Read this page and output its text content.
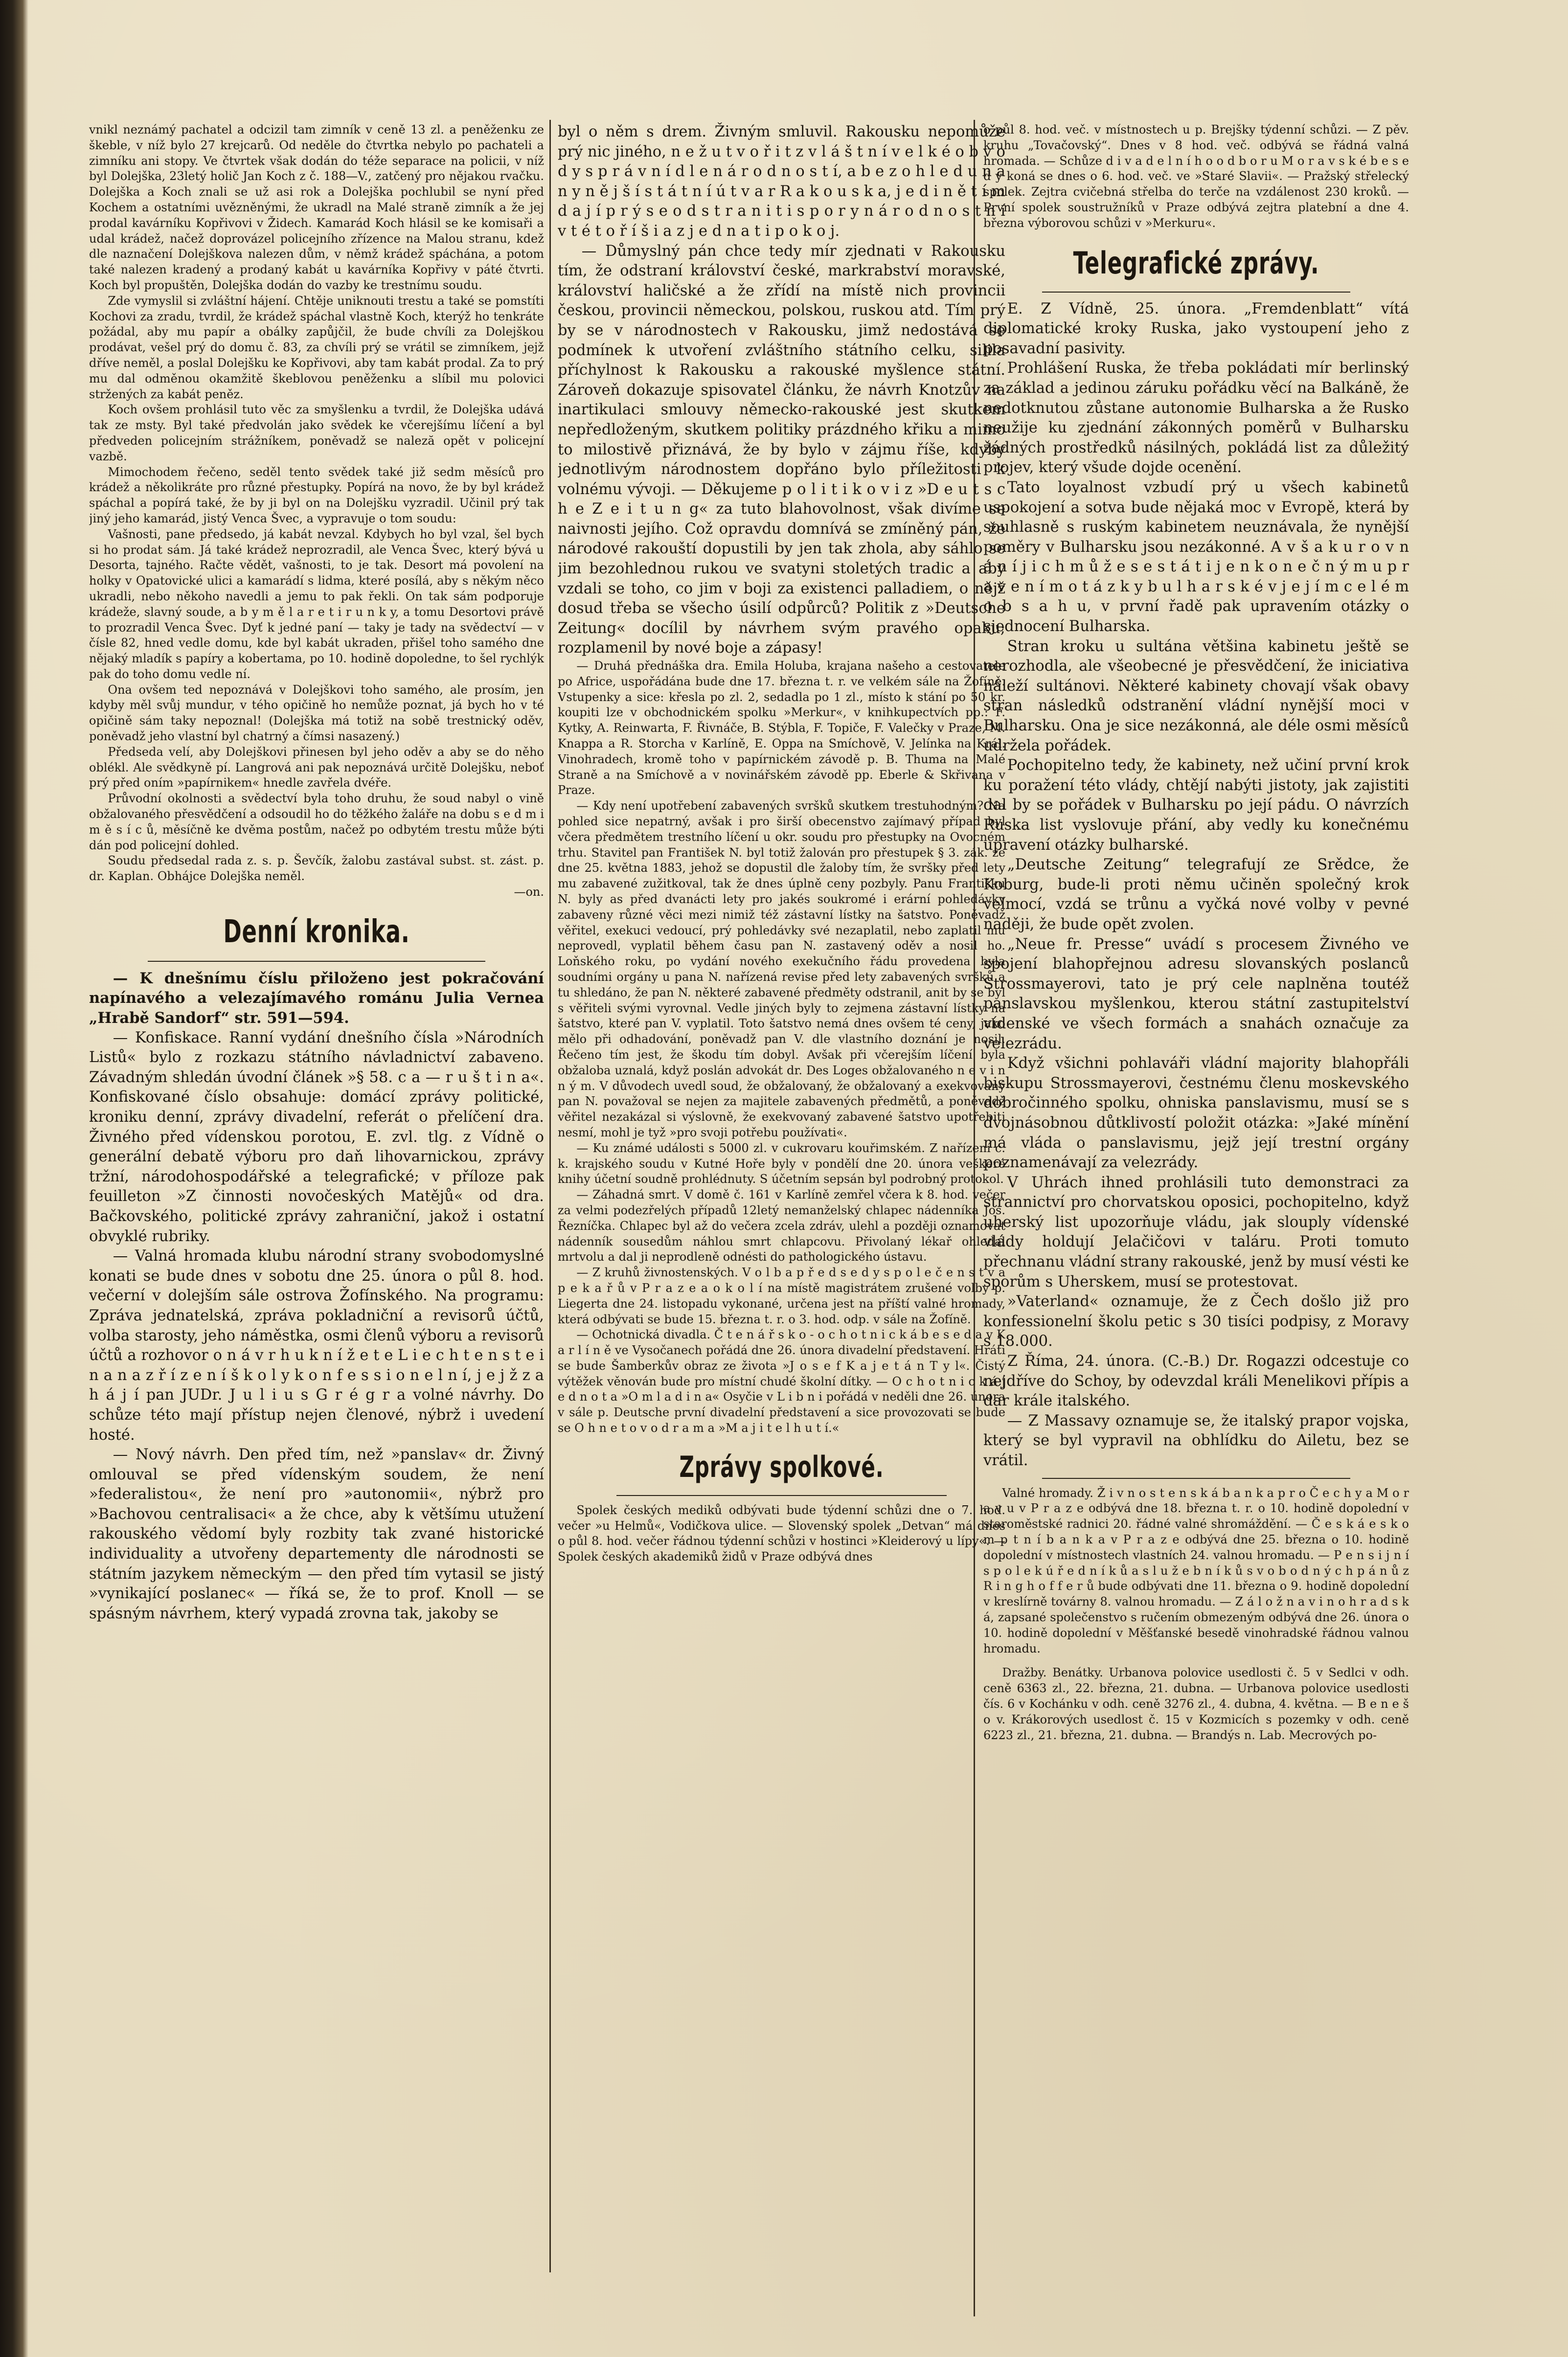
vnikl neznámý pachatel a odcizil tam zimník v ceně 13 zl. a peněženku ze škeble, v níž bylo 27 krejcarů. Od neděle do čtvrtka nebylo po pachateli a zimníku ani stopy. Ve čtvrtek však dodán do téže separace na policii, v níž byl Dolejška, 23letý holič Jan Koch z č. 188—V., zatčený pro nějakou rvačku. Dolejška a Koch znali se už asi rok a Dolejška pochlubil se nyní před Kochem a ostatními uvězněnými, že ukradl na Malé straně zimník a že jej prodal kavárníku Kopřivovi v Židech. Kamarád Koch hlásil se ke komisaři a udal krádež, načež doprovázel policejního zřízence na Malou stranu, kdež dle naznačení Dolejškova nalezen dům, v němž krádež spáchána, a potom také nalezen kradený a prodaný kabát u kavárníka Kopřivy v páté čtvrti. Koch byl propuštěn, Dolejška dodán do vazby ke trestnímu soudu.

Zde vymyslil si zvláštní hájení. Chtěje uniknouti trestu a také se pomstíti Kochovi za zradu, tvrdil, že krádež spáchal vlastně Koch, kterýž ho tenkráte požádal, aby mu papír a obálky zapůjčil, že bude chvíli za Dolejškou prodávat, vešel prý do domu č. 83, za chvíli prý se vrátil se zimníkem, jejž dříve neměl, a poslal Dolejšku ke Kopřivovi, aby tam kabát prodal. Za to prý mu dal odměnou okamžitě škeblovou peněženku a slíbil mu polovici stržených za kabát peněz.

Koch ovšem prohlásil tuto věc za smyšlenku a tvrdil, že Dolejška udává tak ze msty. Byl také předvolán jako svědek ke včerejšímu líčení a byl předveden policejním strážníkem, poněvadž se naleză opět v policejní vazbě.

Mimochodem řečeno, seděl tento svědek také již sedm měsíců pro krádež a několikráte pro různé přestupky. Popírá na novo, že by byl krádež spáchal a popírá také, že by ji byl on na Dolejšku vyzradil. Učinil prý tak jiný jeho kamarád, jistý Venca Švec, a vypravuje o tom soudu:

Vašnosti, pane předsedo, já kabát nevzal. Kdybych ho byl vzal, šel bych si ho prodat sám. Já také krádež neprozradil, ale Venca Švec, který bývá u Desorta, tajného. Račte vědět, vašnosti, to je tak. Desort má povolení na holky v Opatovické ulici a kamarádí s lidma, které posílá, aby s někým něco ukradli, nebo někoho navedli a jemu to pak řekli. On tak sám podporuje krádeže, slavný soude, a b y m ě l a r e t i r u n k y, a tomu Desortovi právě to prozradil Venca Švec. Dyť k jedné paní — taky je tady na svědectví — v čísle 82, hned vedle domu, kde byl kabát ukraden, přišel toho samého dne nějaký mladík s papíry a kobertama, po 10. hodině dopoledne, to šel rychlýk pak do toho domu vedle ní.

Ona ovšem ted nepoznává v Dolejškovi toho samého, ale prosím, jen kdyby měl svůj mundur, v tého opičině ho nemůže poznat, já bych ho v té opičině sám taky nepoznal! (Dolejška má totiž na sobě trestnický oděv, poněvadž jeho vlastní byl chatrný a čímsi nasazený.)

Předseda velí, aby Dolejškovi přinesen byl jeho oděv a aby se do něho oblékl. Ale svědkyně pí. Langrová ani pak nepoznává určitě Dolejšku, neboť prý před oním »papírnikem« hnedle zavřela dvéře.

Průvodní okolnosti a svědectví byla toho druhu, že soud nabyl o vině obžalovaného přesvědčení a odsoudil ho do těžkého žaláře na dobu s e d m i m ě s í c ů, měsíčně ke dvěma postům, načež po odbytém trestu může býti dán pod policejní dohled.

Soudu předsedal rada z. s. p. Ševčík, žalobu zastával subst. st. zást. p. dr. Kaplan. Obhájce Dolejška neměl.

—on.

Denní kronika.

— K dnešnímu číslu přiloženo jest pokračování napínavého a velezajímavého románu Julia Vernea „Hrabě Sandorf“ str. 591—594.

— Konfiskace. Ranní vydání dnešního čísla »Národních Listů« bylo z rozkazu státního návladnictví zabaveno. Závadným shledán úvodní článek »§ 58. c a — r u š t i n a«. Konfiskované číslo obsahuje: domácí zprávy politické, kroniku denní, zprávy divadelní, referát o přelíčení dra. Živného před vídenskou porotou, E. zvl. tlg. z Vídně o generální debatě výboru pro daň lihovarnickou, zprávy tržní, národohospodářské a telegrafické; v příloze pak feuilleton »Z činnosti novočeských Matějů« od dra. Bačkovského, politické zprávy zahraniční, jakož i ostatní obvyklé rubriky.

— Valná hromada klubu národní strany svobodomyslné konati se bude dnes v sobotu dne 25. února o půl 8. hod. večerní v dolejším sále ostrova Žofínského. Na programu: Zpráva jednatelská, zpráva pokladniční a revisorů účtů, volba starosty, jeho náměstka, osmi členů výboru a revisorů účtů a rozhovor o n á v r h u k n í ž e t e L i e c h t e n s t e i n a n a z ř í z e n í š k o l y k o n f e s s i o n e l n í, j e j ž z a h á j í pan JUDr. J u l i u s G r é g r a volné návrhy. Do schůze této mají přístup nejen členové, nýbrž i uvedení hosté.

— Nový návrh. Den před tím, než »panslav« dr. Živný omlouval se před vídenským soudem, že není »federalistou«, že není pro »autonomii«, nýbrž pro »Bachovou centralisaci« a že chce, aby k většímu utužení rakouského vědomí byly rozbity tak zvané historické individuality a utvořeny departementy dle národnosti se státním jazykem německým — den před tím vytasil se jistý »vynikající poslanec« — říká se, že to prof. Knoll — se spásným návrhem, který vypadá zrovna tak, jakoby se

byl o něm s drem. Živným smluvil. Rakousku nepomůže prý nic jiného, n e ž u t v o ř i t z v l á š t n í v e l k é o b v o d y s p r á v n í d l e n á r o d n o s t í, a b e z o h l e d u n a n y n ě j š í s t á t n í ú t v a r R a k o u s k a, j e d i n ě t í m d a j í p r ý s e o d s t r a n i t i s p o r y n á r o d n o s t n í v t é t o ř í š i a z j e d n a t i p o k o j.

— Důmyslný pán chce tedy mír zjednati v Rakousku tím, že odstraní království české, markrabství moravské, království haličské a že zřídí na místě nich provincii českou, provincii německou, polskou, ruskou atd. Tím prý by se v národnostech v Rakousku, jimž nedostává se podmínek k utvoření zvláštního státního celku, silila příchylnost k Rakousku a rakouské myšlence státní. Zároveň dokazuje spisovatel článku, že návrh Knotzův na inartikulaci smlouvy německo-rakouské jest skutkem nepředloženým, skutkem politiky prázdného křiku a mimo to milostivě přiznává, že by bylo v zájmu říše, kdyby jednotlivým národnostem dopřáno bylo příležitosti k volnému vývoji. — Děkujeme p o l i t i k o v i z »D e u t s c h e Z e i t u n g« za tuto blahovolnost, však divíme se naivnosti jejího. Což opravdu domnívá se zmíněný pán, že národové rakouští dopustili by jen tak zhola, aby sáhlo se jim bezohlednou rukou ve svatyni stoletých tradic a aby vzdali se toho, co jim v boji za existenci palladiem, o nějž dosud třeba se všecho úsilí odpůrců? Politik z »Deutsche Zeitung« docílil by návrhem svým pravého opaku; rozplamenil by nové boje a zápasy!

— Druhá přednáška dra. Emila Holuba, krajana našeho a cestovatele po Africe, uspořádána bude dne 17. března t. r. ve velkém sále na Žofíně. Vstupenky a sice: křesla po zl. 2, sedadla po 1 zl., místo k stání po 50 kr. koupiti lze v obchodnickém spolku »Merkur«, v knihkupectvích pp.: F. Kytky, A. Reinwarta, F. Řivnáče, B. Stýbla, F. Topiče, F. Valečky v Praze, M. Knappa a R. Storcha v Karlíně, E. Oppa na Smíchově, V. Jelínka na Král. Vinohradech, kromě toho v papírnickém závodě p. B. Thuma na Malé Straně a na Smíchově a v novinářském závodě pp. Eberle & Skřivana v Praze.

— Kdy není upotřebení zabavených svršků skutkem trestuhodným? Na pohled sice nepatrný, avšak i pro širší obecenstvo zajímavý případ byl včera předmětem trestního líčení u okr. soudu pro přestupky na Ovocném trhu. Stavitel pan František N. byl totiž žalován pro přestupek § 3. zák. ze dne 25. května 1883, jehož se dopustil dle žaloby tím, že svršky před lety mu zabavené zužitkoval, tak že dnes úplně ceny pozbyly. Panu Františku N. byly as před dvanácti lety pro jakés soukromé i erární pohledávky zabaveny různé věci mezi nimiž též zástavní lístky na šatstvo. Poněvadž věřitel, exekuci vedoucí, prý pohledávky své nezaplatil, nebo zaplatil mu neprovedl, vyplatil během času pan N. zastavený oděv a nosil ho. Loňského roku, po vydání nového exekučního řádu provedena byla soudními orgány u pana N. nařízená revise před lety zabavených svršků a tu shledáno, že pan N. některé zabavené předměty odstranil, anit by se byl s věřiteli svými vyrovnal. Vedle jiných byly to zejmena zástavní lístky na šatstvo, které pan V. vyplatil. Toto šatstvo nemá dnes ovšem té ceny, jako mělo při odhadování, poněvadž pan V. dle vlastního doznání je nosil. Řečeno tím jest, že škodu tím dobyl. Avšak při včerejším líčení byla obžaloba uznalá, když poslán advokát dr. Des Loges obžalovaného n e v i n n ý m. V důvodech uvedl soud, že obžalovaný, že obžalovaný a exekvovaný pan N. považoval se nejen za majitele zabavených předmětů, a poněvadž věřitel nezakázal si výslovně, že exekvovaný zabavené šatstvo upotřebiti nesmí, mohl je tyž »pro svoji potřebu používati«.

— Ku známé události s 5000 zl. v cukrovaru kouřimském. Z nařízení c. k. krajského soudu v Kutné Hoře byly v pondělí dne 20. února veškeré knihy účetní soudně prohlédnuty. S účetním sepsán byl podrobný protokol.

— Záhadná smrt. V domě č. 161 v Karlíně zemřel včera k 8. hod. večer za velmi podezřelých případů 12letý nemanželský chlapec nádenníka Jos. Řezníčka. Chlapec byl až do večera zcela zdráv, ulehl a později oznamovat nádenník sousedům náhlou smrt chlapcovu. Přivolaný lékař ohledal mrtvolu a dal ji neprodleně odnésti do pathologického ústavu.

— Z kruhů živnostenských. V o l b a p ř e d s e d y s p o l e č e n s t v a p e k a ř ů v P r a z e a o k o l í na místě magistrátem zrušené volby p. Liegerta dne 24. listopadu vykonané, určena jest na příští valné hromady, která odbývati se bude 15. března t. r. o 3. hod. odp. v sále na Žofíně.

— Ochotnická divadla. Č t e n á ř s k o - o c h o t n i c k á b e s e d a v K a r l í n ě ve Vysočanech pořádá dne 26. února divadelní představení. Hráti se bude Šamberkův obraz ze života »J o s e f K a j e t á n T y l«. Čistý výtěžek věnován bude pro místní chudé školní dítky. — O c h o t n i c k á j e d n o t a »O m l a d i n a« Osyčie v L i b n i pořádá v neděli dne 26. února v sále p. Deutsche první divadelní představení a sice provozovati se bude se O h n e t o v o d r a m a »M a j i t e l h u t í.«

Zprávy spolkové.

Spolek českých mediků odbývati bude týdenní schůzi dne o 7. hod. večer »u Helmů«, Vodičkova ulice. — Slovenský spolek „Detvan“ má dnes o půl 8. hod. večer řádnou týdenní schůzi v hostinci »Kleiderový u lípy«. — Spolek českých akademiků židů v Praze odbývá dnes

o půl 8. hod. več. v místnostech u p. Brejšky týdenní schůzi. — Z pěv. kruhu „Tovačovský“. Dnes v 8 hod. več. odbývá se řádná valná hromada. — Schůze d i v a d e l n í h o o d b o r u M o r a v s k é b e s e d y koná se dnes o 6. hod. več. ve »Staré Slavii«. — Pražský střelecký spolek. Zejtra cvičebná střelba do terče na vzdálenost 230 kroků. — První spolek soustružníků v Praze odbývá zejtra platební a dne 4. března výborovou schůzi v »Merkuru«.

Telegrafické zprávy.

E. Z Vídně, 25. února. „Fremdenblatt“ vítá diplomatické kroky Ruska, jako vystoupení jeho z posavadní pasivity.

Prohlášení Ruska, že třeba pokládati mír berlinský za základ a jedinou záruku pořádku věcí na Balkáně, že nedotknutou zůstane autonomie Bulharska a že Rusko neužije ku zjednání zákonných poměrů v Bulharsku žádných prostředků násilných, pokládá list za důležitý projev, který všude dojde ocenění.

Tato loyalnost vzbudí prý u všech kabinetů uspokojení a sotva bude nějaká moc v Evropě, která by souhlasně s ruským kabinetem neuznávala, že nynější poměry v Bulharsku jsou nezákonné. A v š a k u r o v n á n í j i c h m ů ž e s e s t á t i j e n k o n e č n ý m u p r a v e n í m o t á z k y b u l h a r s k é v j e j í m c e l é m o b s a h u, v první řadě pak upravením otázky o sjednocení Bulharska.

Stran kroku u sultána většina kabinetu ještě se nerozhodla, ale všeobecné je přesvědčení, že iniciativa náleží sultánovi. Některé kabinety chovají však obavy stran následků odstranění vládní nynější moci v Bulharsku. Ona je sice nezákonná, ale déle osmi měsíců udržela pořádek.

Pochopitelno tedy, že kabinety, než učiní první krok ku poražení této vlády, chtějí nabýti jistoty, jak zajistiti dal by se pořádek v Bulharsku po její pádu. O návrzích Ruska list vyslovuje přání, aby vedly ku konečnému upravení otázky bulharské.

„Deutsche Zeitung“ telegrafují ze Srědce, že Koburg, bude-li proti němu učiněn společný krok velmocí, vzdá se trůnu a vyčká nové volby v pevné naději, že bude opět zvolen.

„Neue fr. Presse“ uvádí s procesem Živného ve spojení blahopřejnou adresu slovanských poslanců Strossmayerovi, tato je prý cele naplněna toutéž panslavskou myšlenkou, kterou státní zastupitelství vídenské ve všech formách a snahách označuje za velezrádu.

Když všichni pohlaváři vládní majority blahopřáli biskupu Strossmayerovi, čestnému členu moskevského dobročinného spolku, ohniska panslavismu, musí se s dvojnásobnou důtklivostí položit otázka: »Jaké mínění má vláda o panslavismu, jejž její trestní orgány poznamenávají za velezrády.

V Uhrách ihned prohlásili tuto demonstraci za strannictví pro chorvatskou oposici, pochopitelno, když uherský list upozorňuje vládu, jak slouply vídenské vlády holdují Jelačičovi v taláru. Proti tomuto přechnanu vládní strany rakouské, jenž by musí vésti ke sporům s Uherskem, musí se protestovat.

»Vaterland« oznamuje, že z Čech došlo již pro konfessionelní školu petic s 30 tisíci podpisy, z Moravy s 18.000.

Z Říma, 24. února. (C.-B.) Dr. Rogazzi odcestuje co nejdříve do Schoy, by odevzdal králi Menelikovi přípis a dar krále italského.

— Z Massavy oznamuje se, že italský prapor vojska, který se byl vypravil na obhlídku do Ailetu, bez se vrátil.

Valné hromady. Ž i v n o s t e n s k á b a n k a p r o Č e c h y a M o r a v u v P r a z e odbývá dne 18. března t. r. o 10. hodině dopolední v staroměstské radnici 20. řádné valné shromáždění. — Č e s k á e s k o m p t n í b a n k a v P r a z e odbývá dne 25. března o 10. hodině dopolední v místnostech vlastních 24. valnou hromadu. — P e n s i j n í s p o l e k ú ř e d n í k ů a s l u ž e b n í k ů s v o b o d n ý c h p á n ů z R i n g h o f f e r ů bude odbývati dne 11. března o 9. hodině dopolední v kreslírně továrny 8. valnou hromadu. — Z á l o ž n a v i n o h r a d s k á, zapsané společenstvo s ručením obmezeným odbývá dne 26. února o 10. hodině dopolední v Měšťanské besedě vinohradské řádnou valnou hromadu.

Dražby. Benátky. Urbanova polovice usedlosti č. 5 v Sedlci v odh. ceně 6363 zl., 22. března, 21. dubna. — Urbanova polovice usedlosti čís. 6 v Kochánku v odh. ceně 3276 zl., 4. dubna, 4. května. — B e n e š o v. Krákorových usedlost č. 15 v Kozmicích s pozemky v odh. ceně 6223 zl., 21. března, 21. dubna. — Brandýs n. Lab. Mecrových po-
